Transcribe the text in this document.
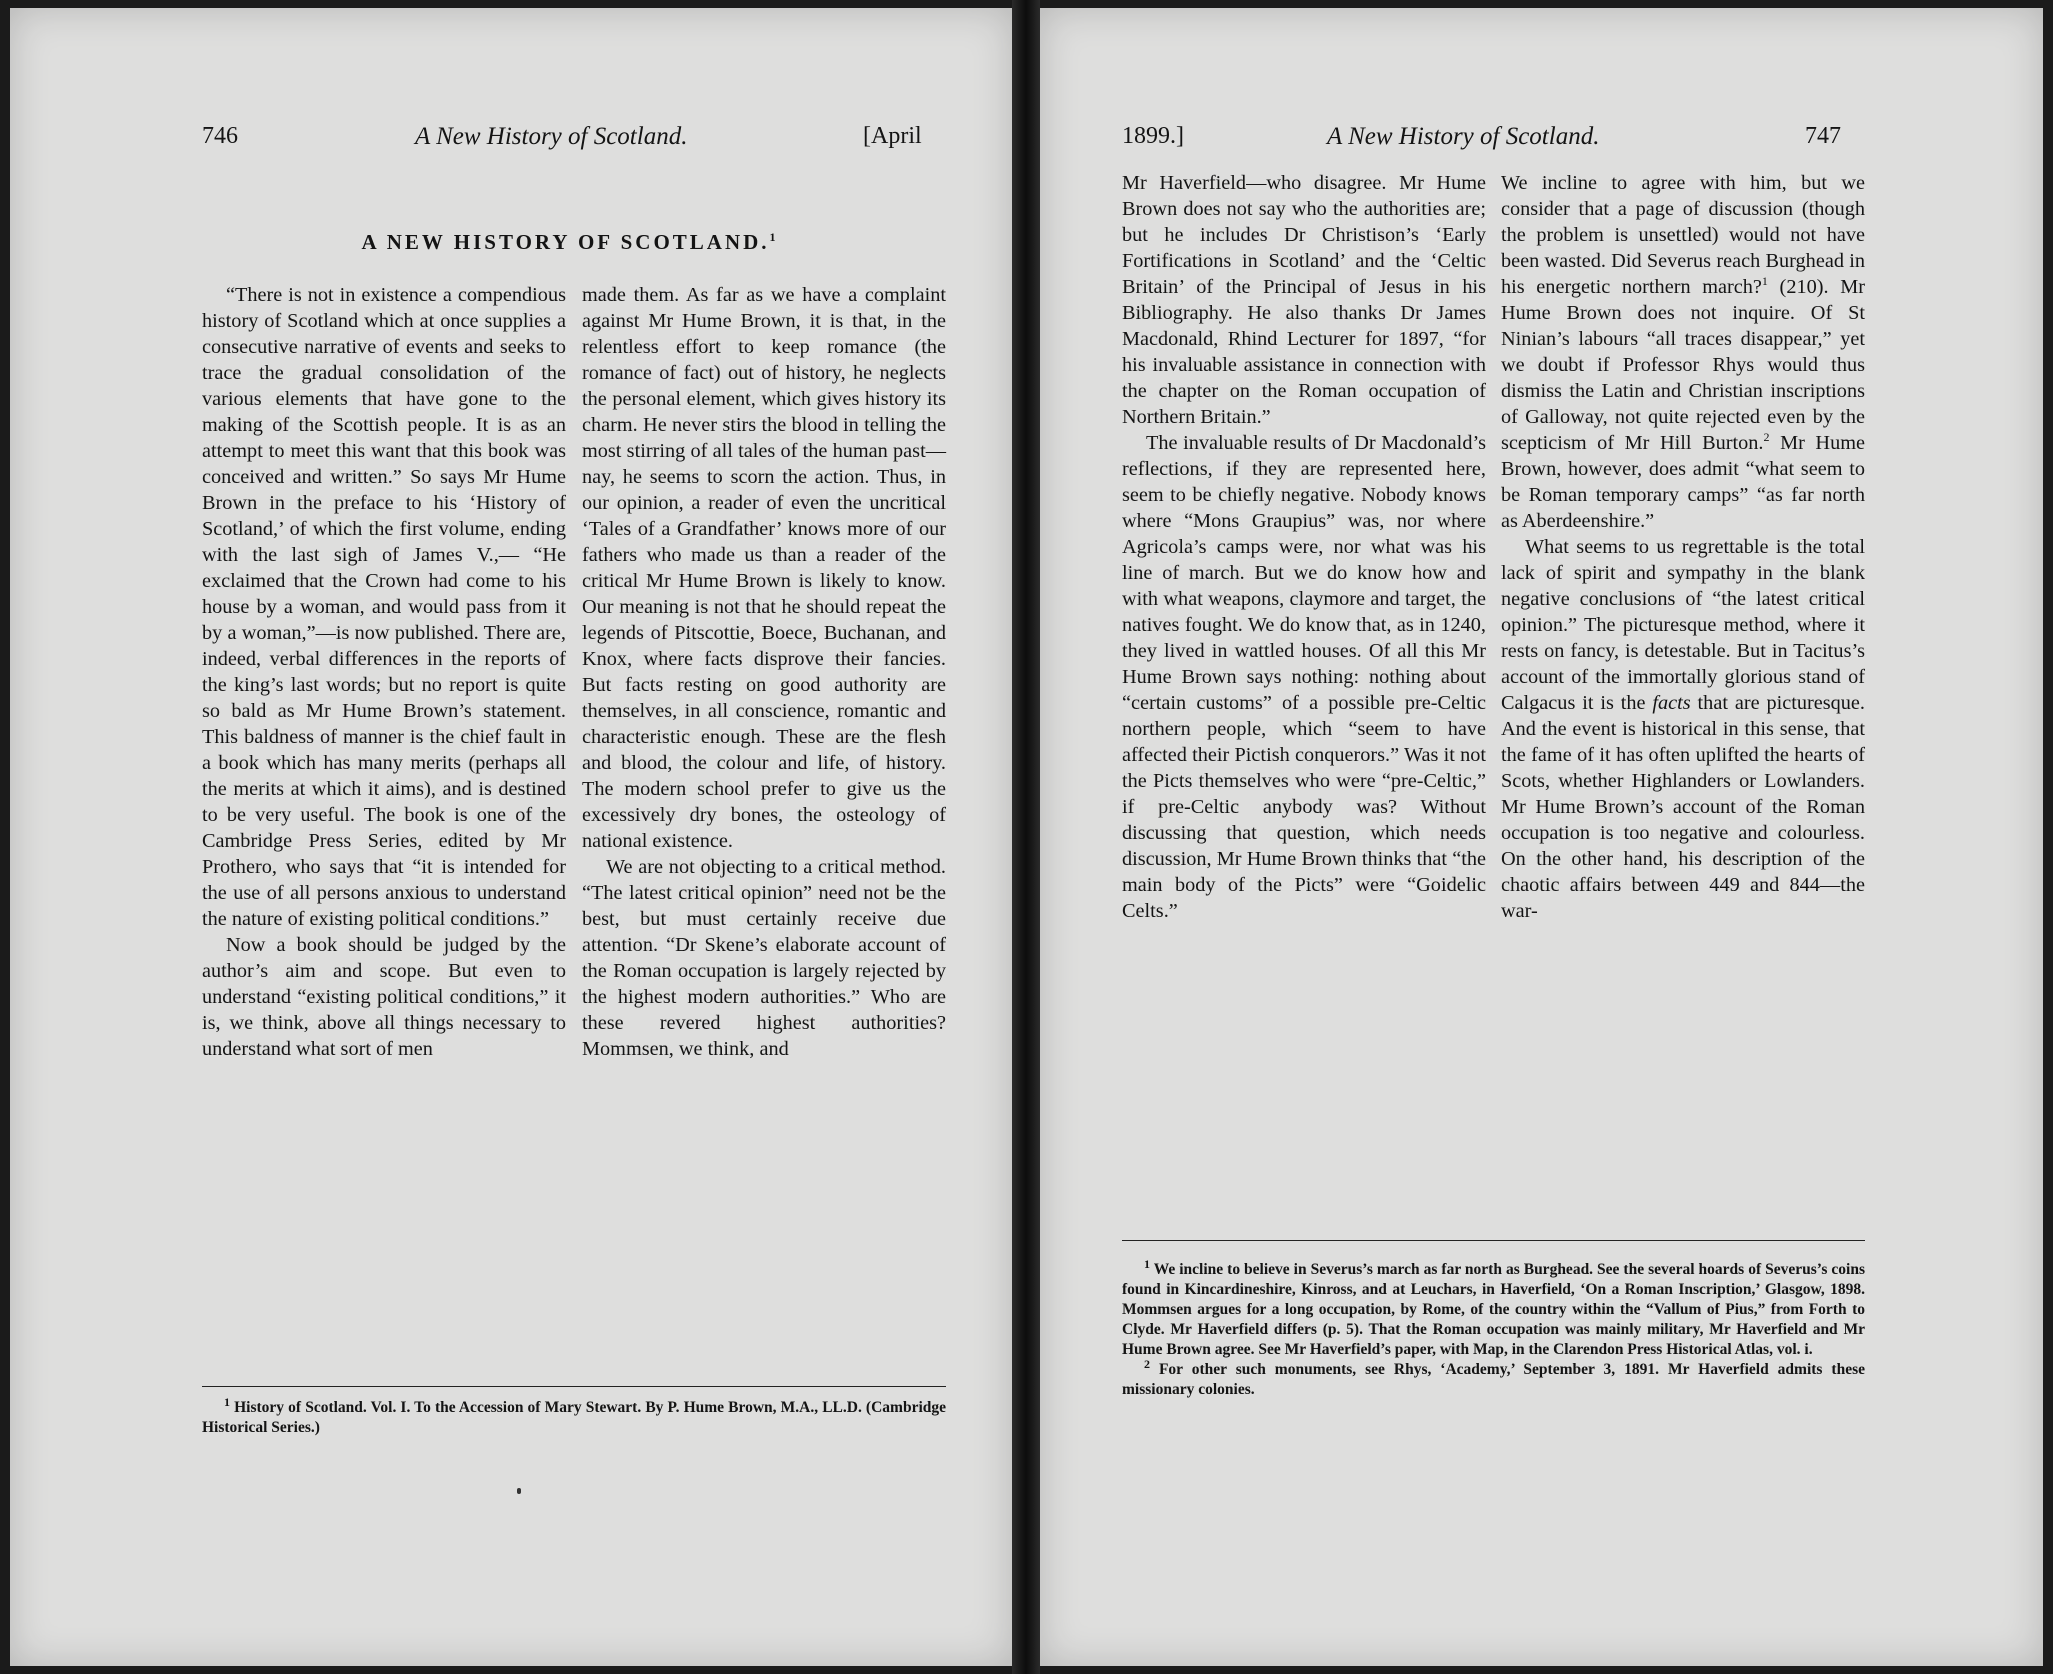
746	A New History of Scotland.	[April
A NEW HISTORY OF SCOTLAND.$^1$

“There is not in existence a compendious history of Scotland which at once supplies a consecutive narrative of events and seeks to trace the gradual consolidation of the various elements that have gone to the making of the Scottish people. It is as an attempt to meet this want that this book was conceived and written.” So says Mr Hume Brown in the preface to his ‘History of Scotland,’ of which the first volume, ending with the last sigh of James V.,— “He exclaimed that the Crown had come to his house by a woman, and would pass from it by a woman,”—is now published. There are, indeed, verbal differences in the reports of the king’s last words; but no report is quite so bald as Mr Hume Brown’s statement. This baldness of manner is the chief fault in a book which has many merits (perhaps all the merits at which it aims), and is destined to be very useful. The book is one of the Cambridge Press Series, edited by Mr Prothero, who says that “it is intended for the use of all persons anxious to understand the nature of existing political conditions.”

Now a book should be judged by the author’s aim and scope. But even to understand “existing political conditions,” it is, we think, above all things necessary to understand what sort of men

made them. As far as we have a complaint against Mr Hume Brown, it is that, in the relentless effort to keep romance (the romance of fact) out of history, he neglects the personal element, which gives history its charm. He never stirs the blood in telling the most stirring of all tales of the human past— nay, he seems to scorn the action. Thus, in our opinion, a reader of even the uncritical ‘Tales of a Grandfather’ knows more of our fathers who made us than a reader of the critical Mr Hume Brown is likely to know. Our meaning is not that he should repeat the legends of Pitscottie, Boece, Buchanan, and Knox, where facts disprove their fancies. But facts resting on good authority are themselves, in all conscience, romantic and characteristic enough. These are the flesh and blood, the colour and life, of history. The modern school prefer to give us the excessively dry bones, the osteology of national existence.

We are not objecting to a critical method. “The latest critical opinion” need not be the best, but must certainly receive due attention. “Dr Skene’s elaborate account of the Roman occupation is largely rejected by the highest modern authorities.” Who are these revered highest authorities? Mommsen, we think, and

$^1$ History of Scotland. Vol. I. To the Accession of Mary Stewart. By P. Hume Brown, M.A., LL.D. (Cambridge Historical Series.)

1899.]	A New History of Scotland.	747

Mr Haverfield—who disagree. Mr Hume Brown does not say who the authorities are; but he includes Dr Christison’s ‘Early Fortifications in Scotland’ and the ‘Celtic Britain’ of the Principal of Jesus in his Bibliography. He also thanks Dr James Macdonald, Rhind Lecturer for 1897, “for his invaluable assistance in connection with the chapter on the Roman occupation of Northern Britain.”

The invaluable results of Dr Macdonald’s reflections, if they are represented here, seem to be chiefly negative. Nobody knows where “Mons Graupius” was, nor where Agricola’s camps were, nor what was his line of march. But we do know how and with what weapons, claymore and target, the natives fought. We do know that, as in 1240, they lived in wattled houses. Of all this Mr Hume Brown says nothing: nothing about “certain customs” of a possible pre-Celtic northern people, which “seem to have affected their Pictish conquerors.” Was it not the Picts themselves who were “pre-Celtic,” if pre-Celtic anybody was? Without discussing that question, which needs discussion, Mr Hume Brown thinks that “the main body of the Picts” were “Goidelic Celts.”

We incline to agree with him, but we consider that a page of discussion (though the problem is unsettled) would not have been wasted. Did Severus reach Burghead in his energetic northern march?$^1$ (210). Mr Hume Brown does not inquire. Of St Ninian’s labours “all traces disappear,” yet we doubt if Professor Rhys would thus dismiss the Latin and Christian inscriptions of Galloway, not quite rejected even by the scepticism of Mr Hill Burton.$^2$ Mr Hume Brown, however, does admit “what seem to be Roman temporary camps” “as far north as Aberdeenshire.”

What seems to us regrettable is the total lack of spirit and sympathy in the blank negative conclusions of “the latest critical opinion.” The picturesque method, where it rests on fancy, is detestable. But in Tacitus’s account of the immortally glorious stand of Calgacus it is the facts that are picturesque. And the event is historical in this sense, that the fame of it has often uplifted the hearts of Scots, whether Highlanders or Lowlanders. Mr Hume Brown’s account of the Roman occupation is too negative and colourless. On the other hand, his description of the chaotic affairs between 449 and 844—the war-

$^1$ We incline to believe in Severus’s march as far north as Burghead. See the several hoards of Severus’s coins found in Kincardineshire, Kinross, and at Leuchars, in Haverfield, ‘On a Roman Inscription,’ Glasgow, 1898. Mommsen argues for a long occupation, by Rome, of the country within the “Vallum of Pius,” from Forth to Clyde. Mr Haverfield differs (p. 5). That the Roman occupation was mainly military, Mr Haverfield and Mr Hume Brown agree. See Mr Haverfield’s paper, with Map, in the Clarendon Press Historical Atlas, vol. i.

$^2$ For other such monuments, see Rhys, ‘Academy,’ September 3, 1891. Mr Haverfield admits these missionary colonies.
